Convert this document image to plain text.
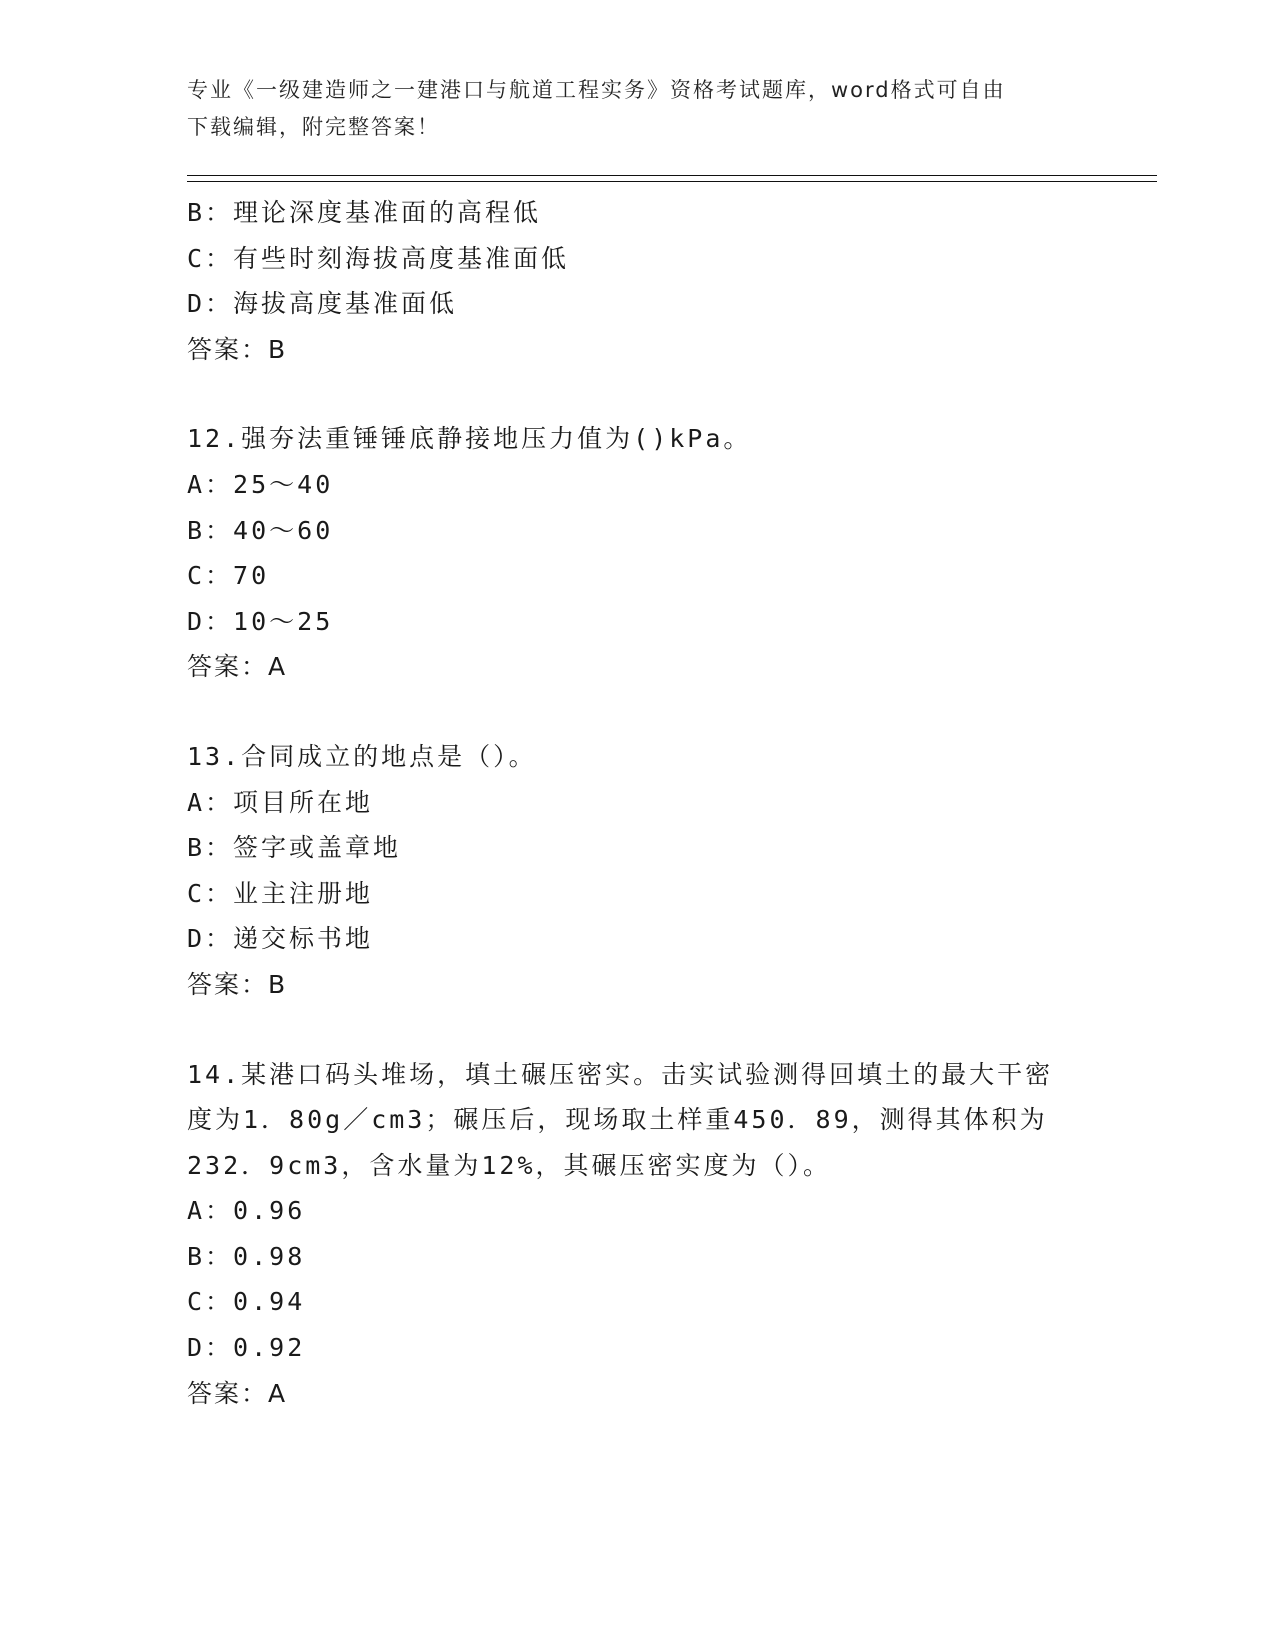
专业《一级建造师之一建港口与航道工程实务》资格考试题库，word格式可自由
下载编辑，附完整答案！
B：理论深度基准面的高程低
C：有些时刻海拔高度基准面低
D：海拔高度基准面低
答案：B
12.强夯法重锤锤底静接地压力值为()kPa。
A：25～40
B：40～60
C：70
D：10～25
答案：A
13.合同成立的地点是（）。
A：项目所在地
B：签字或盖章地
C：业主注册地
D：递交标书地
答案：B
14.某港口码头堆场，填土碾压密实。击实试验测得回填土的最大干密
度为1．80g／cm3；碾压后，现场取土样重450．89，测得其体积为
232．9cm3，含水量为12%，其碾压密实度为（）。
A：0.96
B：0.98
C：0.94
D：0.92
答案：A
